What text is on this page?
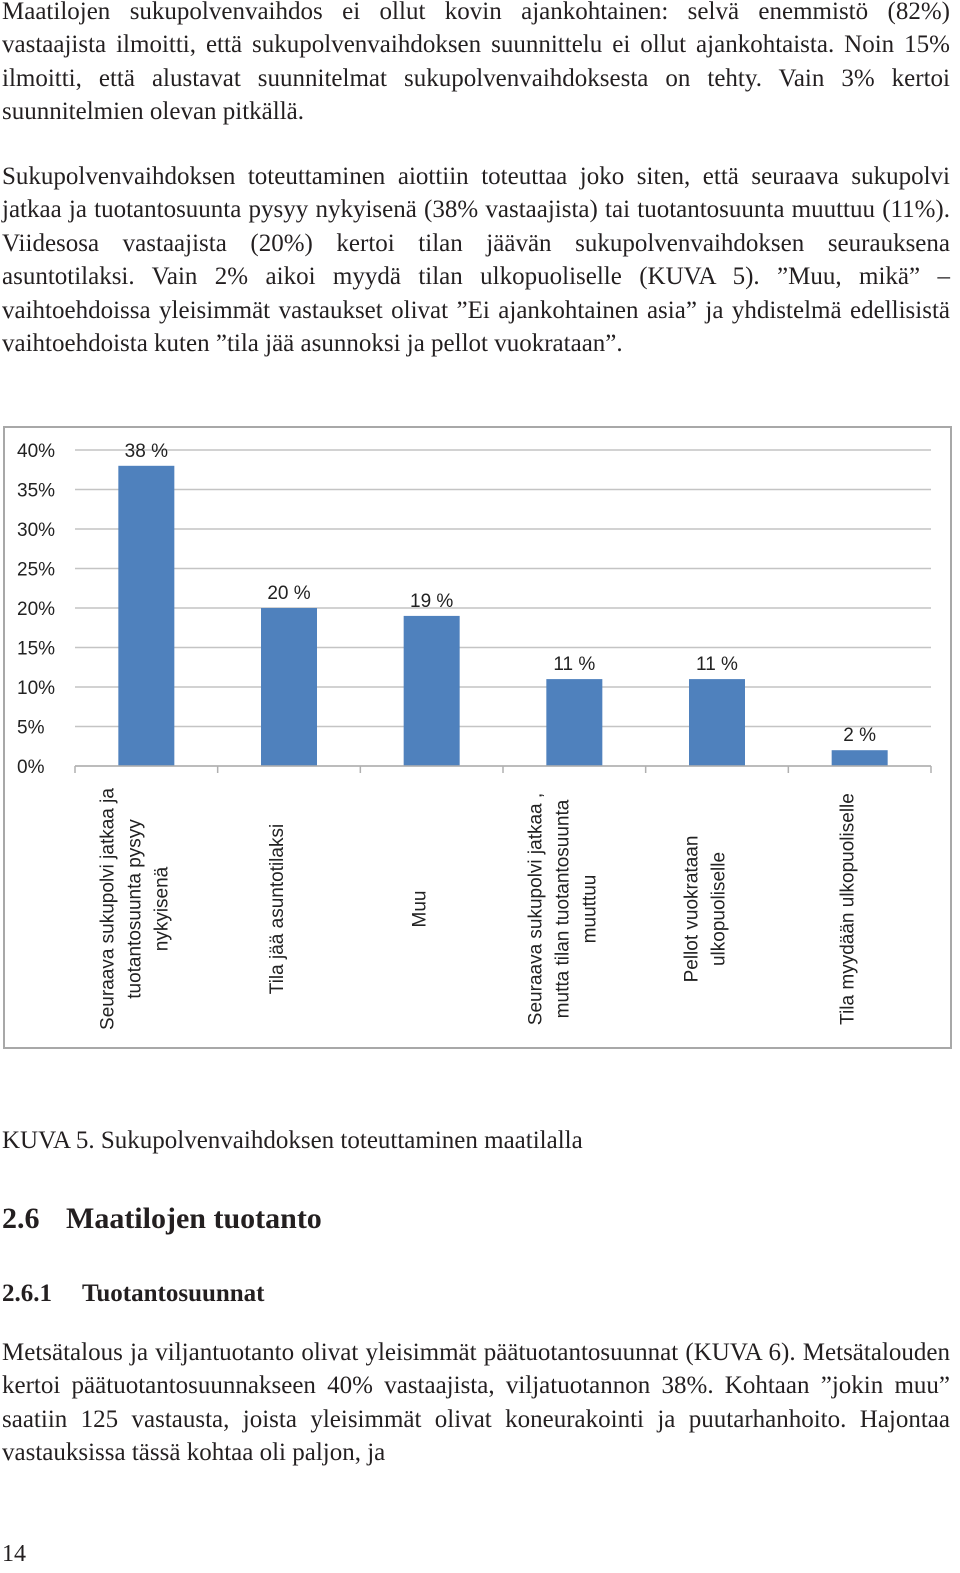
Maatilojen sukupolvenvaihdos ei ollut kovin ajankohtainen: selvä enemmistö (82%) vastaajista ilmoitti, että sukupolvenvaihdoksen suunnittelu ei ollut ajankohtaista. Noin 15% ilmoitti, että alustavat suunnitelmat sukupolvenvaihdoksesta on tehty. Vain 3% kertoi suunnitelmien olevan pitkällä.

Sukupolvenvaihdoksen toteuttaminen aiottiin toteuttaa joko siten, että seuraava sukupolvi jatkaa ja tuotantosuunta pysyy nykyisenä (38% vastaajista) tai tuotantosuunta muuttuu (11%). Viidesosa vastaajista (20%) kertoi tilan jäävän sukupolvenvaihdoksen seurauksena asuntotilaksi. Vain 2% aikoi myydä tilan ulkopuoliselle (KUVA 5). ”Muu, mikä” –vaihtoehdoissa yleisimmät vastaukset olivat ”Ei ajankohtainen asia” ja yhdistelmä edellisistä vaihtoehdoista kuten ”tila jää asunnoksi ja pellot vuokrataan”.

0%
5%
10%
15%
20%
25%
30%
35%
40%	38 %
Seuraava sukupolvi jatkaa ja tuotantosuunta pysyy nykyisenä
20 %
Tila jää asuntotilaksi
19 %
Muu
11 %
Seuraava sukupolvi jatkaa , mutta tilan tuotantosuunta muuttuu
11 %
Pellot vuokrataan ulkopuoliselle
2 %
Tila myydään ulkopuoliselle

KUVA 5. Sukupolvenvaihdoksen toteuttaminen maatilalla

2.6 Maatilojen tuotanto
2.6.1 Tuotantosuunnat

Metsätalous ja viljantuotanto olivat yleisimmät päätuotantosuunnat (KUVA 6). Metsätalouden kertoi päätuotantosuunnakseen 40% vastaajista, viljatuotannon 38%. Kohtaan ”jokin muu” saatiin 125 vastausta, joista yleisimmät olivat koneurakointi ja puutarhanhoito. Hajontaa vastauksissa tässä kohtaa oli paljon, ja

14
